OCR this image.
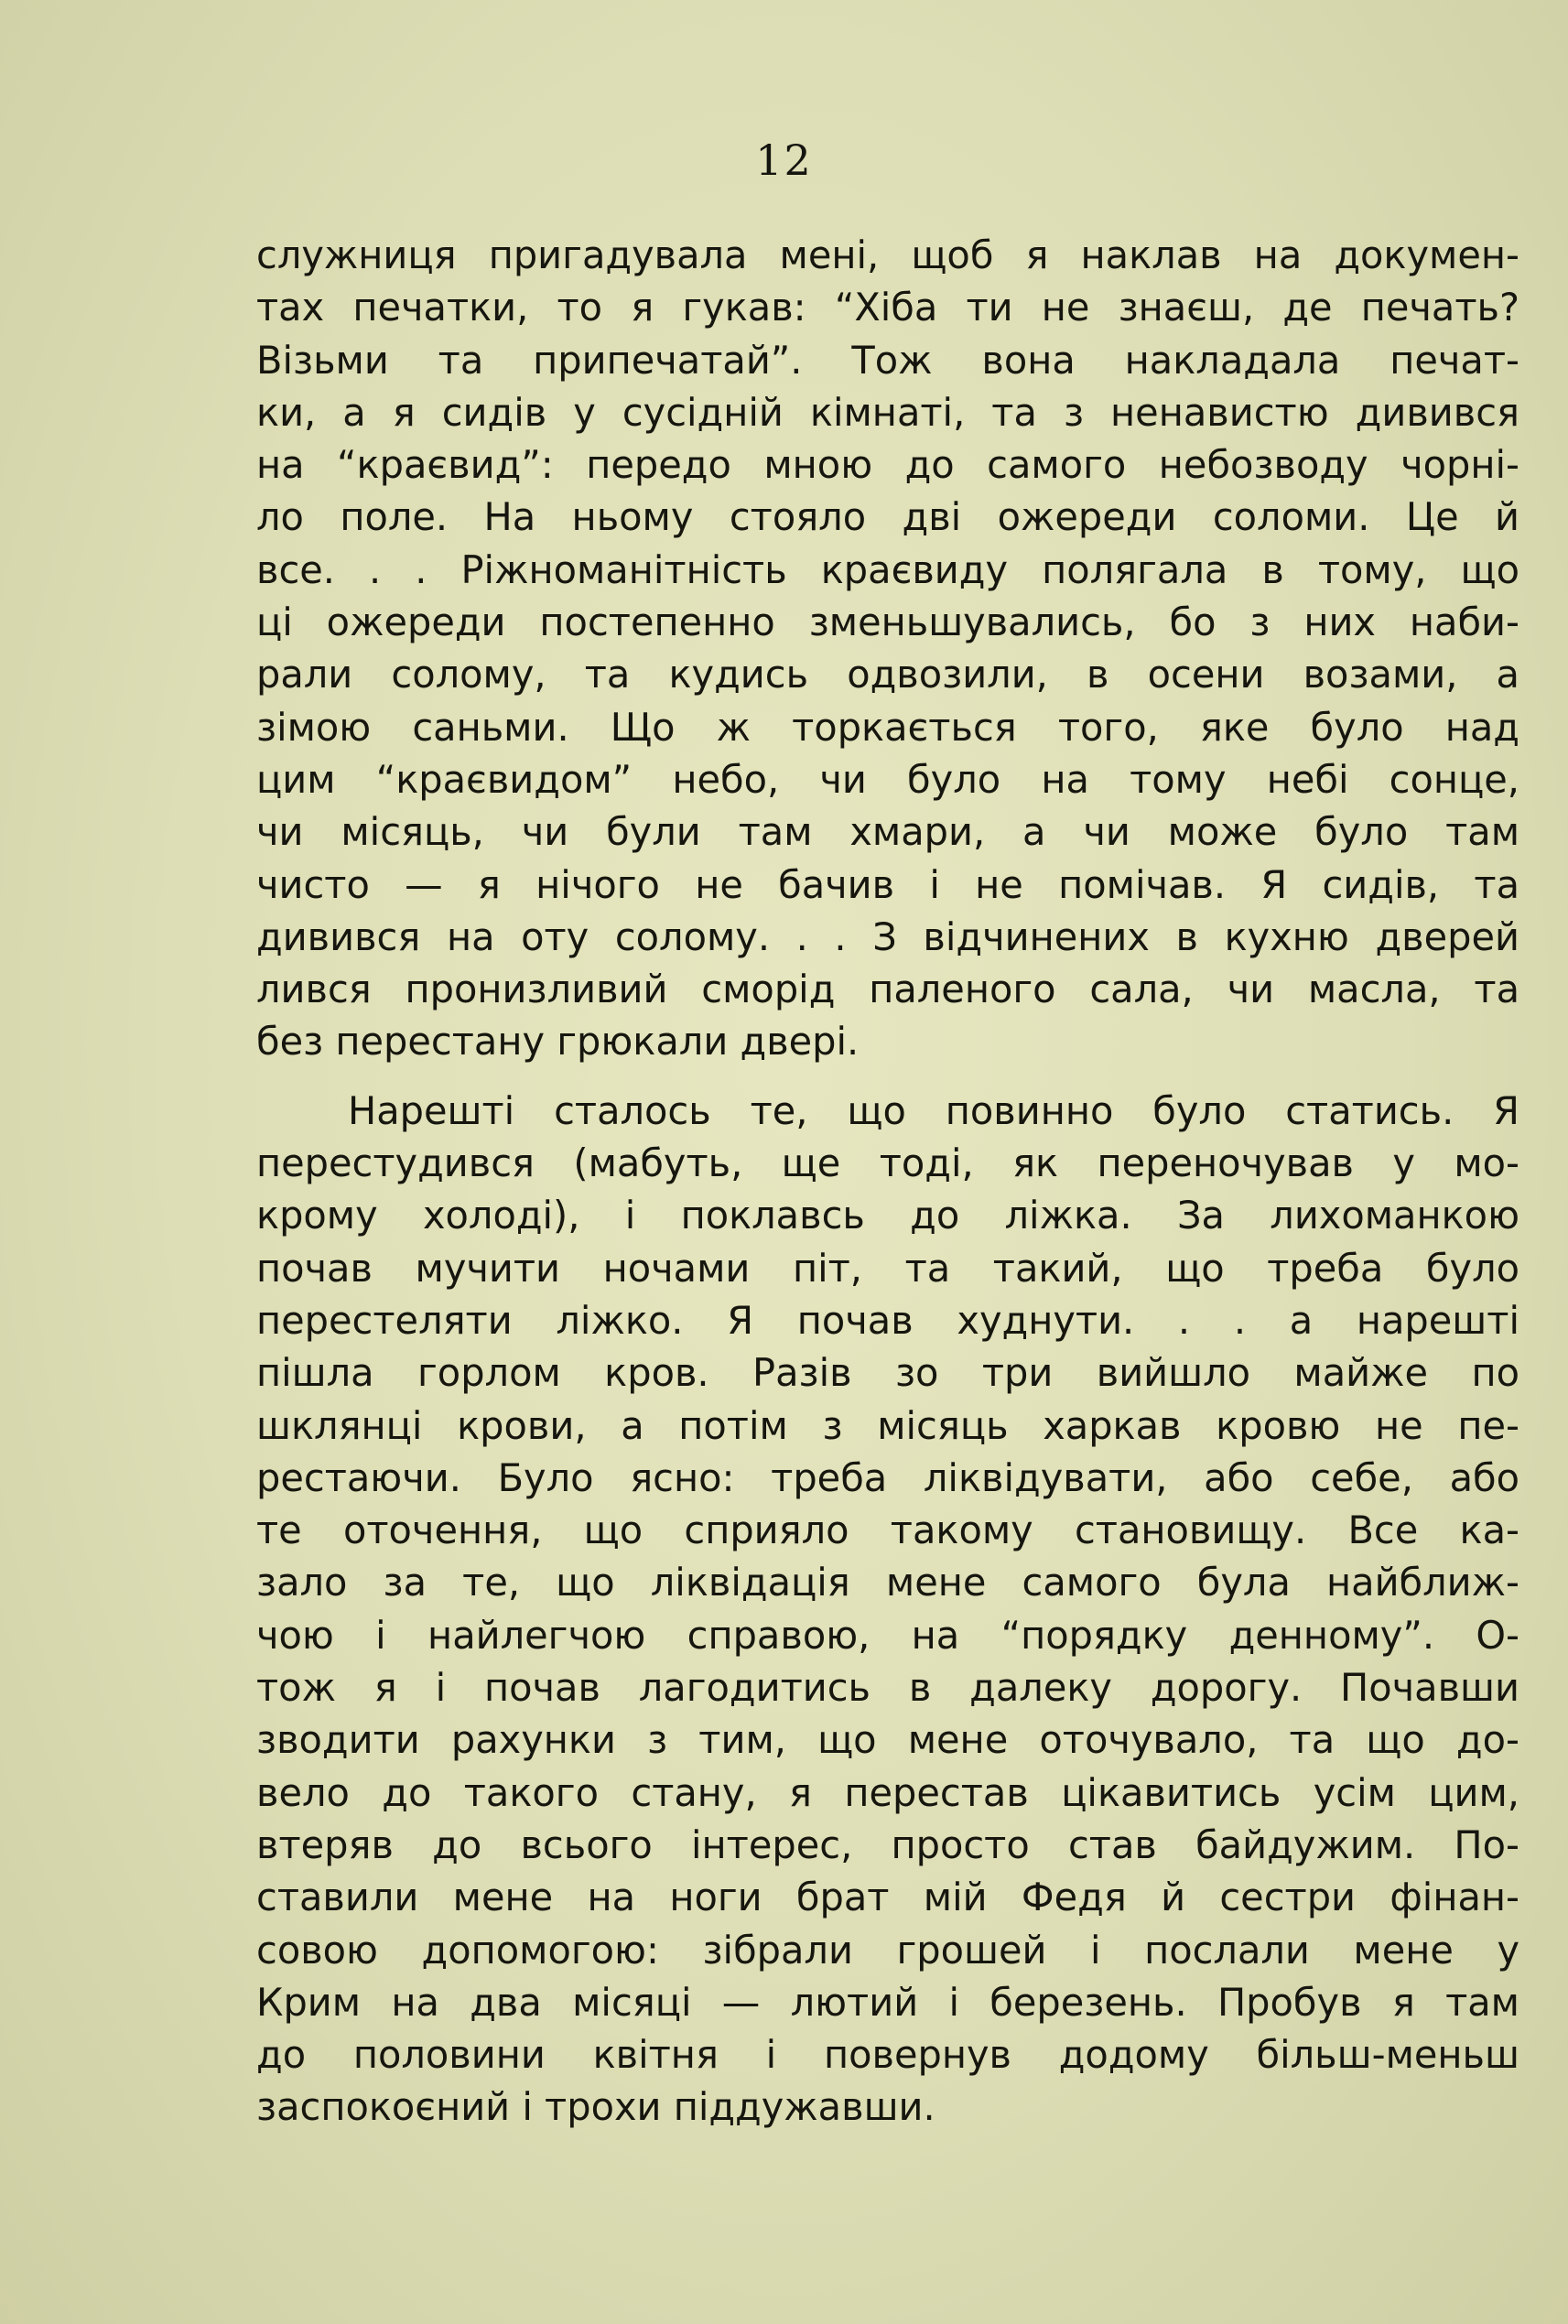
12
служниця пригадувала мені, щоб я наклав на докумен-
тах печатки, то я гукав: “Хіба ти не знаєш, де печать?
Візьми та припечатай”. Тож вона накладала печат-
ки, а я сидів у сусідній кімнаті, та з ненавистю дивився
на “краєвид”: передо мною до самого небозводу чорні-
ло поле. На ньому стояло дві ожереди соломи. Це й
все. . . Ріжноманітність краєвиду полягала в тому, що
ці ожереди постепенно зменьшувались, бо з них наби-
рали солому, та кудись одвозили, в осени возами, а
зімою саньми. Що ж торкається того, яке було над
цим “краєвидом” небо, чи було на тому небі сонце,
чи місяць, чи були там хмари, а чи може було там
чисто — я нічого не бачив і не помічав. Я сидів, та
дивився на оту солому. . . З відчинених в кухню дверей
лився пронизливий сморід паленого сала, чи масла, та
без перестану грюкали двері.
Нарешті сталось те, що повинно було статись. Я
перестудився (мабуть, ще тоді, як переночував у мо-
крому холоді), і поклавсь до ліжка. За лихоманкою
почав мучити ночами піт, та такий, що треба було
перестеляти ліжко. Я почав худнути. . . а нарешті
пішла горлом кров. Разів зо три вийшло майже по
шклянці крови, а потім з місяць харкав кровю не пе-
рестаючи. Було ясно: треба ліквідувати, або себе, або
те оточення, що сприяло такому становищу. Все ка-
зало за те, що ліквідація мене самого була найближ-
чою і найлегчою справою, на “порядку денному”. О-
тож я і почав лагодитись в далеку дорогу. Почавши
зводити рахунки з тим, що мене оточувало, та що до-
вело до такого стану, я перестав цікавитись усім цим,
втеряв до всього інтерес, просто став байдужим. По-
ставили мене на ноги брат мій Федя й сестри фінан-
совою допомогою: зібрали грошей і послали мене у
Крим на два місяці — лютий і березень. Пробув я там
до половини квітня і повернув додому більш-меньш
заспокоєний і трохи піддужавши.
